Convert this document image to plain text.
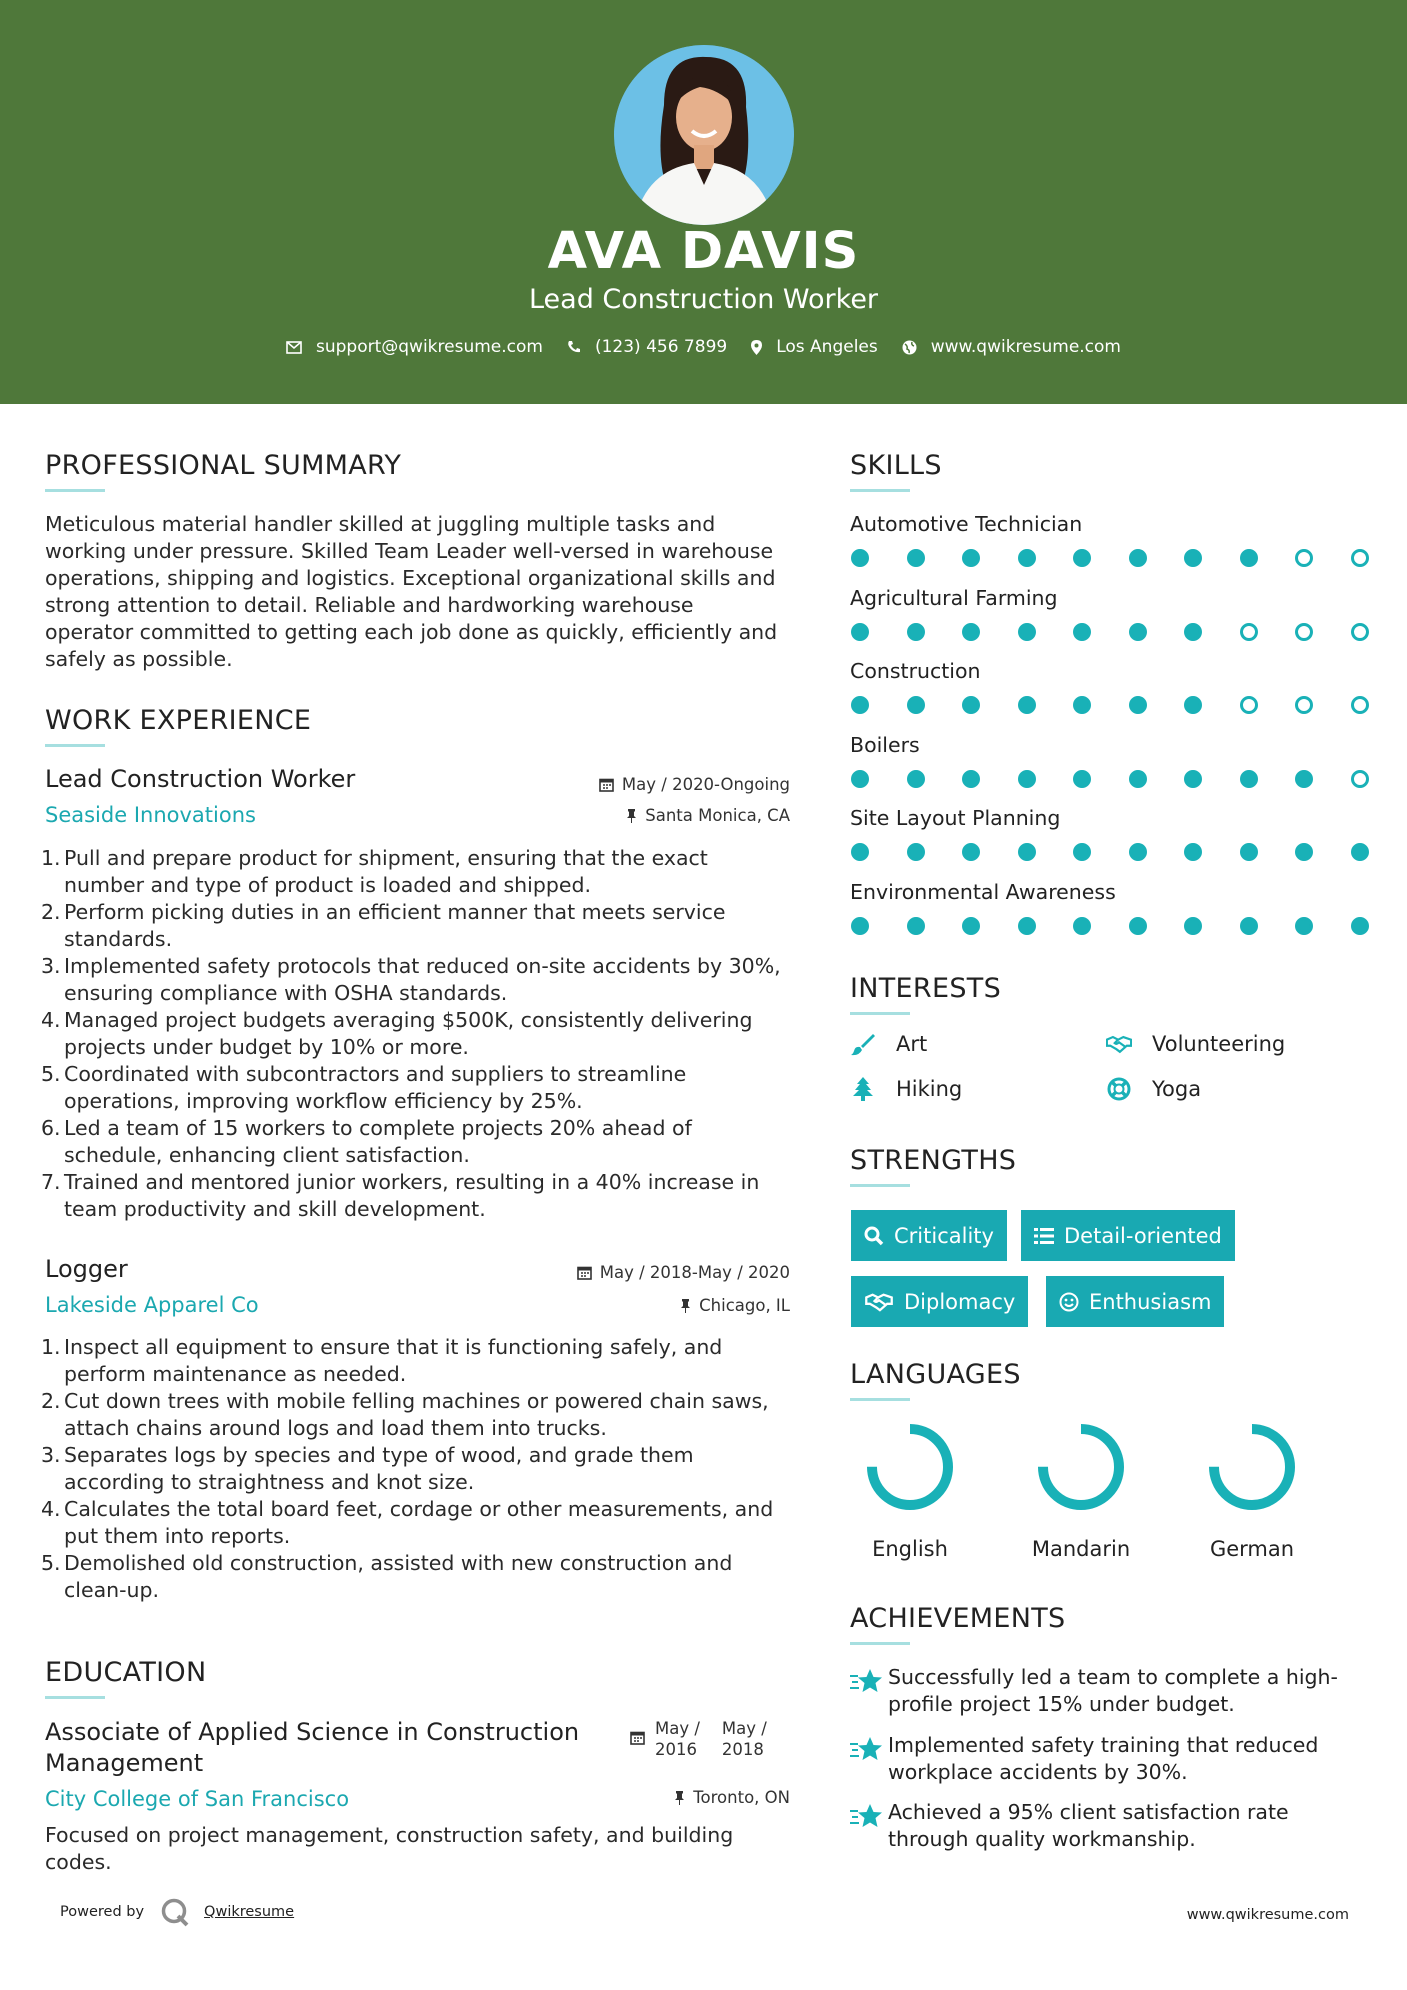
AVA DAVIS
Lead Construction Worker
support@qwikresume.com	(123) 456 7899	Los Angeles	www.qwikresume.com
PROFESSIONAL SUMMARY
Meticulous material handler skilled at juggling multiple tasks and
working under pressure. Skilled Team Leader well-versed in warehouse
operations, shipping and logistics. Exceptional organizational skills and
strong attention to detail. Reliable and hardworking warehouse
operator committed to getting each job done as quickly, efficiently and
safely as possible.
WORK EXPERIENCE
Lead Construction Worker	May / 2020-Ongoing
Seaside Innovations	Santa Monica, CA
1. Pull and prepare product for shipment, ensuring that the exact
number and type of product is loaded and shipped.
2. Perform picking duties in an efficient manner that meets service
standards.
3. Implemented safety protocols that reduced on-site accidents by 30%,
ensuring compliance with OSHA standards.
4. Managed project budgets averaging $500K, consistently delivering
projects under budget by 10% or more.
5. Coordinated with subcontractors and suppliers to streamline
operations, improving workflow efficiency by 25%.
6. Led a team of 15 workers to complete projects 20% ahead of
schedule, enhancing client satisfaction.
7. Trained and mentored junior workers, resulting in a 40% increase in
team productivity and skill development.
Logger	May / 2018-May / 2020
Lakeside Apparel Co	Chicago, IL
1. Inspect all equipment to ensure that it is functioning safely, and
perform maintenance as needed.
2. Cut down trees with mobile felling machines or powered chain saws,
attach chains around logs and load them into trucks.
3. Separates logs by species and type of wood, and grade them
according to straightness and knot size.
4. Calculates the total board feet, cordage or other measurements, and
put them into reports.
5. Demolished old construction, assisted with new construction and
clean-up.
EDUCATION
Associate of Applied Science in Construction
Management
May /
2016
May /
2018
City College of San Francisco	Toronto, ON
Focused on project management, construction safety, and building
codes.
SKILLS
Automotive Technician
Agricultural Farming
Construction
Boilers
Site Layout Planning
Environmental Awareness
INTERESTS
Art	Volunteering
Hiking	Yoga
STRENGTHS
Criticality	Detail-oriented
Diplomacy	Enthusiasm
LANGUAGES
English	Mandarin	German
ACHIEVEMENTS
Successfully led a team to complete a high-
profile project 15% under budget.
Implemented safety training that reduced
workplace accidents by 30%.
Achieved a 95% client satisfaction rate
through quality workmanship.
Powered by	Qwikresume	www.qwikresume.com
